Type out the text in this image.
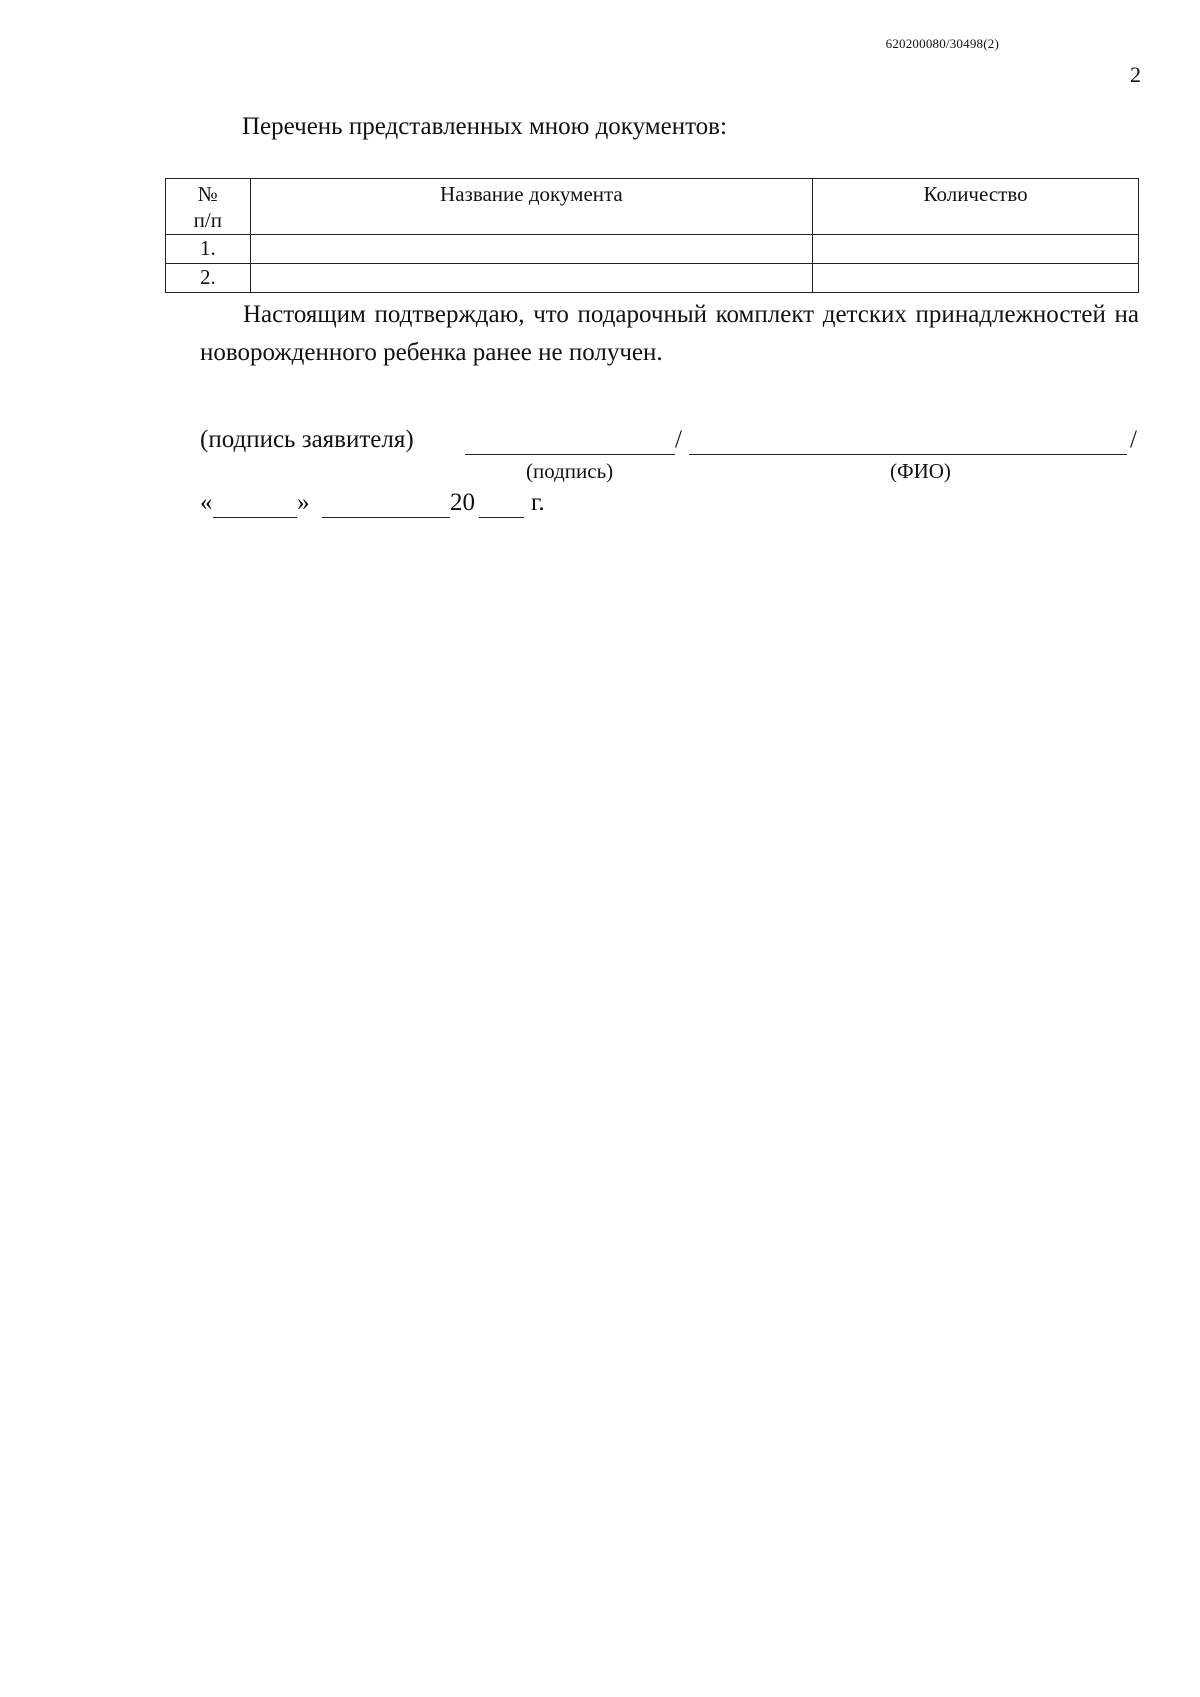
620200080/30498(2)
2
Перечень представленных мною документов:
№
п/п	Название документа	Количество
1.		
2.		
Настоящим подтверждаю, что подарочный комплект детских принадлежностей на новорожденного ребенка ранее не получен.
(подпись заявителя)	/	/
(подпись)	(ФИО)
«	»	20 г.
